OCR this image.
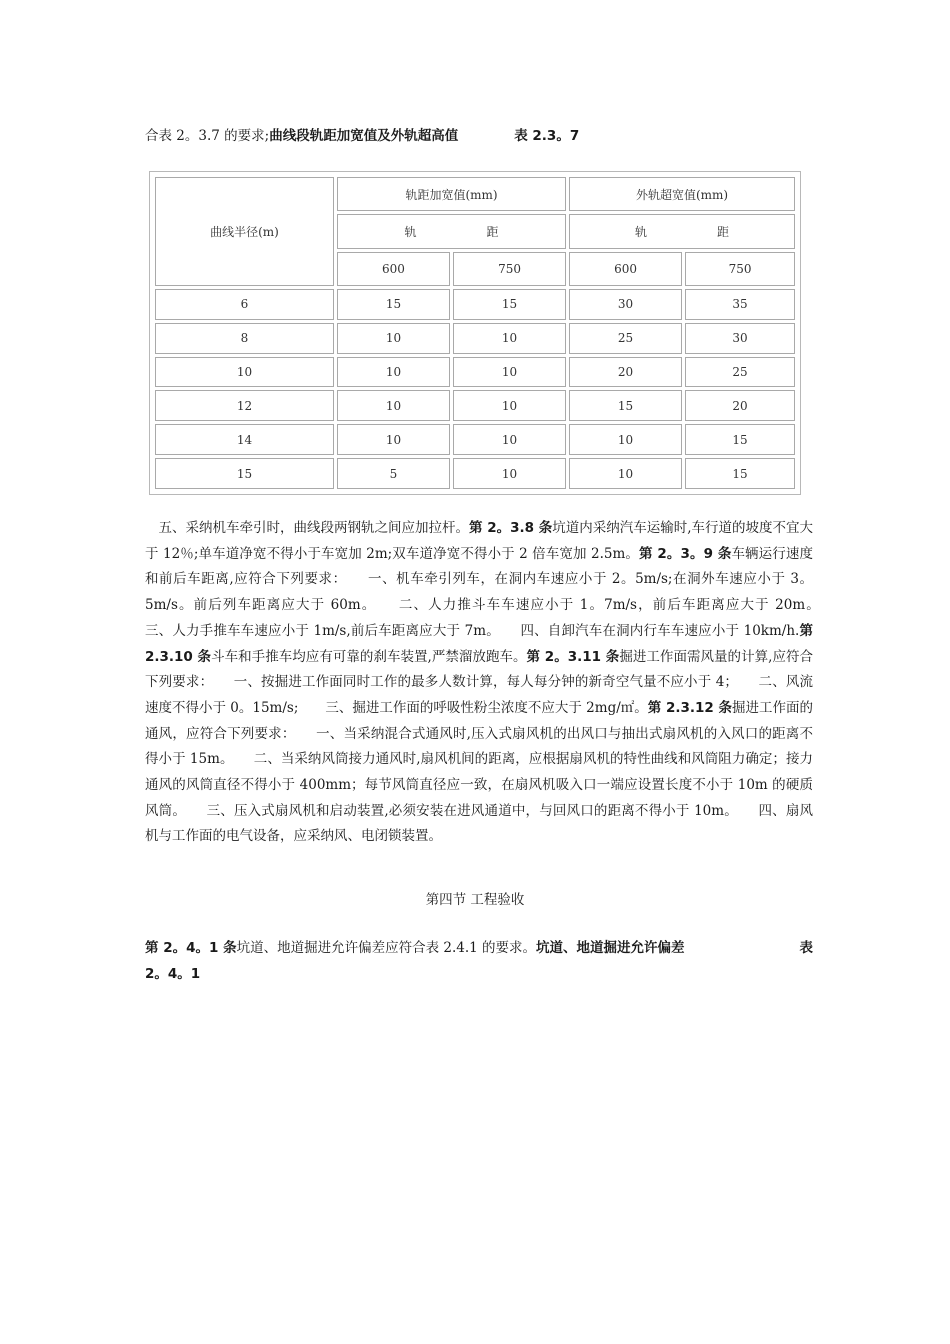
合表 2。3.7 的要求;曲线段轨距加宽值及外轨超高值	表 2.3。7
曲线半径(m)	轨距加宽值(mm)		外轨超宽值(mm)	
	轨 距		轨 距	
	600	750	600	750
6	15	15	30	35
8	10	10	25	30
10	10	10	20	25
12	10	10	15	20
14	10	10	10	15
15	5	10	10	15
　五、采纳机车牵引时，曲线段两钢轨之间应加拉杆。第 2。3.8 条坑道内采纳汽车运输时,车行道的坡度不宜大于 12％;单车道净宽不得小于车宽加 2m;双车道净宽不得小于 2 倍车宽加 2.5m。第 2。3。9 条车辆运行速度和前后车距离,应符合下列要求：　　一、机车牵引列车，在洞内车速应小于 2。5m/s;在洞外车速应小于 3。5m/s。前后列车距离应大于 60m。　　二、人力推斗车车速应小于 1。7m/s，前后车距离应大于 20m。　　三、人力手推车车速应小于 1m/s,前后车距离应大于 7m。　　四、自卸汽车在洞内行车车速应小于 10km/h.第 2.3.10 条斗车和手推车均应有可靠的刹车装置,严禁溜放跑车。第 2。3.11 条掘进工作面需风量的计算,应符合下列要求：　　一、按掘进工作面同时工作的最多人数计算，每人每分钟的新奇空气量不应小于 4；　　二、风流速度不得小于 0。15m/s;　　三、掘进工作面的呼吸性粉尘浓度不应大于 2mg/㎡。第 2.3.12 条掘进工作面的通风，应符合下列要求：　　一、当采纳混合式通风时,压入式扇风机的出风口与抽出式扇风机的入风口的距离不得小于 15m。　　二、当采纳风筒接力通风时,扇风机间的距离，应根据扇风机的特性曲线和风筒阻力确定；接力通风的风筒直径不得小于 400mm；每节风筒直径应一致，在扇风机吸入口一端应设置长度不小于 10m 的硬质风筒。　　三、压入式扇风机和启动装置,必须安装在进风通道中，与回风口的距离不得小于 10m。　　四、扇风机与工作面的电气设备，应采纳风、电闭锁装置。
第四节 工程验收
第 2。4。1 条坑道、地道掘进允许偏差应符合表 2.4.1 的要求。坑道、地道掘进允许偏差	表

2。4。1
